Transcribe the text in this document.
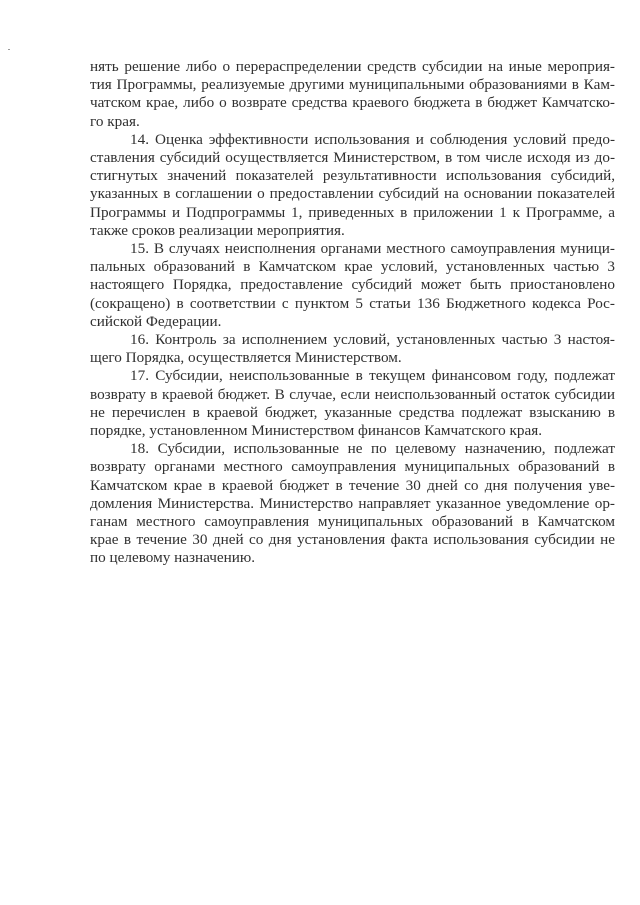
нять решение либо о перераспределении средств субсидии на иные мероприя-
тия Программы, реализуемые другими муниципальными образованиями в Кам-
чатском крае, либо о возврате средства краевого бюджета в бюджет Камчатско-
го края.

14. Оценка эффективности использования и соблюдения условий предо-
ставления субсидий осуществляется Министерством, в том числе исходя из до-
стигнутых значений показателей результативности использования субсидий,
указанных в соглашении о предоставлении субсидий на основании показателей
Программы и Подпрограммы 1, приведенных в приложении 1 к Программе, а
также сроков реализации мероприятия.

15. В случаях неисполнения органами местного самоуправления муници-
пальных образований в Камчатском крае условий, установленных частью 3
настоящего Порядка, предоставление субсидий может быть приостановлено
(сокращено) в соответствии с пунктом 5 статьи 136 Бюджетного кодекса Рос-
сийской Федерации.

16. Контроль за исполнением условий, установленных частью 3 настоя-
щего Порядка, осуществляется Министерством.

17. Субсидии, неиспользованные в текущем финансовом году, подлежат
возврату в краевой бюджет. В случае, если неиспользованный остаток субсидии
не перечислен в краевой бюджет, указанные средства подлежат взысканию в
порядке, установленном Министерством финансов Камчатского края.

18. Субсидии, использованные не по целевому назначению, подлежат
возврату органами местного самоуправления муниципальных образований в
Камчатском крае в краевой бюджет в течение 30 дней со дня получения уве-
домления Министерства. Министерство направляет указанное уведомление ор-
ганам местного самоуправления муниципальных образований в Камчатском
крае в течение 30 дней со дня установления факта использования субсидии не
по целевому назначению.
